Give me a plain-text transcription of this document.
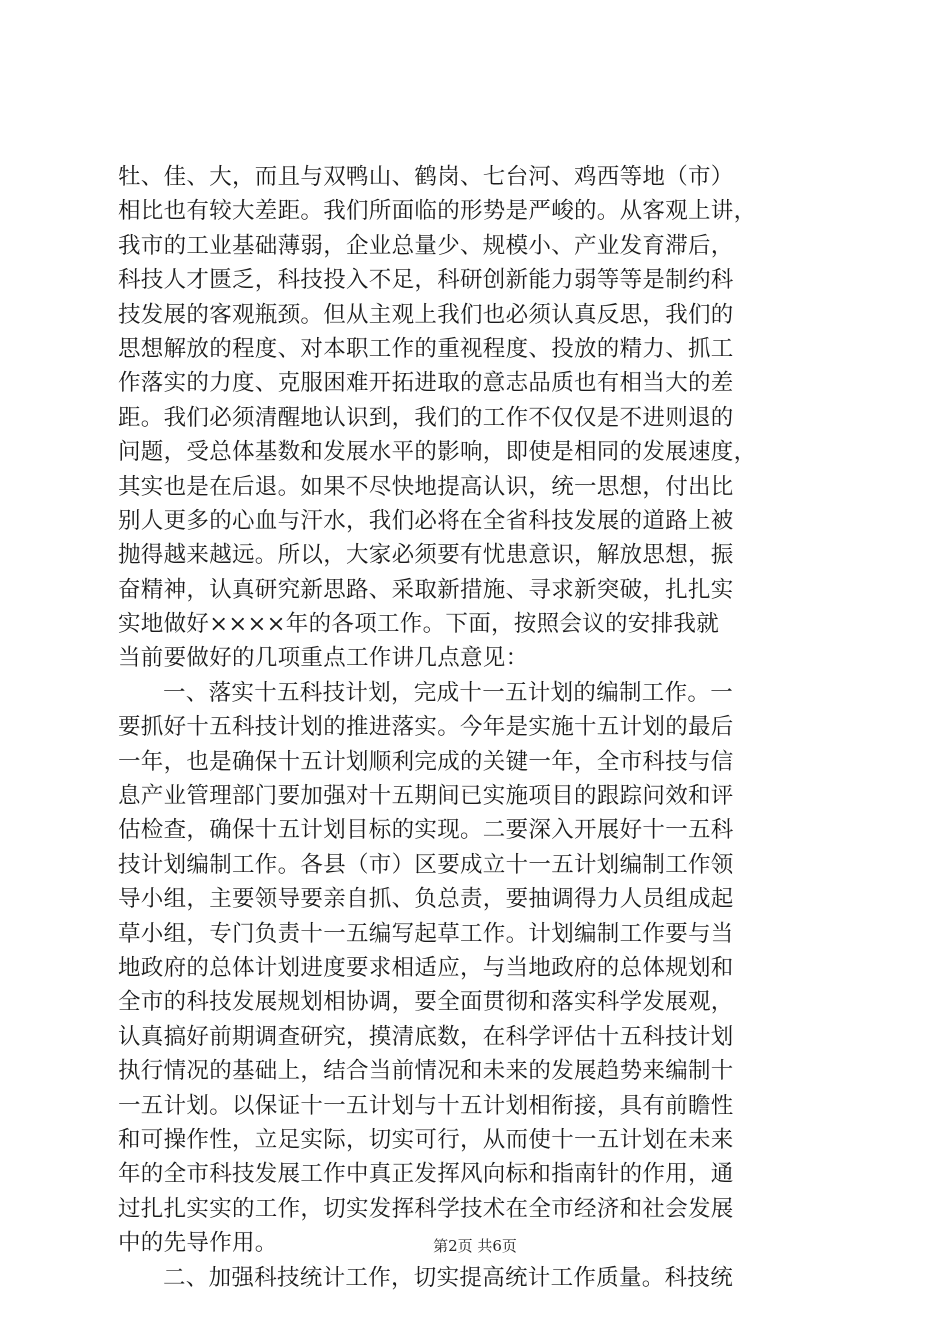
牡、佳、大，而且与双鸭山、鹤岗、七台河、鸡西等地（市）
相比也有较大差距。我们所面临的形势是严峻的。从客观上讲，
我市的工业基础薄弱，企业总量少、规模小、产业发育滞后，
科技人才匮乏，科技投入不足，科研创新能力弱等等是制约科
技发展的客观瓶颈。但从主观上我们也必须认真反思，我们的
思想解放的程度、对本职工作的重视程度、投放的精力、抓工
作落实的力度、克服困难开拓进取的意志品质也有相当大的差
距。我们必须清醒地认识到，我们的工作不仅仅是不进则退的
问题，受总体基数和发展水平的影响，即使是相同的发展速度，
其实也是在后退。如果不尽快地提高认识，统一思想，付出比
别人更多的心血与汗水，我们必将在全省科技发展的道路上被
抛得越来越远。所以，大家必须要有忧患意识，解放思想，振
奋精神，认真研究新思路、采取新措施、寻求新突破，扎扎实
实地做好××××年的各项工作。下面，按照会议的安排我就
当前要做好的几项重点工作讲几点意见：
一、落实十五科技计划，完成十一五计划的编制工作。一
要抓好十五科技计划的推进落实。今年是实施十五计划的最后
一年，也是确保十五计划顺利完成的关键一年，全市科技与信
息产业管理部门要加强对十五期间已实施项目的跟踪问效和评
估检查，确保十五计划目标的实现。二要深入开展好十一五科
技计划编制工作。各县（市）区要成立十一五计划编制工作领
导小组，主要领导要亲自抓、负总责，要抽调得力人员组成起
草小组，专门负责十一五编写起草工作。计划编制工作要与当
地政府的总体计划进度要求相适应，与当地政府的总体规划和
全市的科技发展规划相协调，要全面贯彻和落实科学发展观，
认真搞好前期调查研究，摸清底数，在科学评估十五科技计划
执行情况的基础上，结合当前情况和未来的发展趋势来编制十
一五计划。以保证十一五计划与十五计划相衔接，具有前瞻性
和可操作性，立足实际，切实可行，从而使十一五计划在未来
年的全市科技发展工作中真正发挥风向标和指南针的作用，通
过扎扎实实的工作，切实发挥科学技术在全市经济和社会发展
中的先导作用。
二、加强科技统计工作，切实提高统计工作质量。科技统
第2页 共6页
